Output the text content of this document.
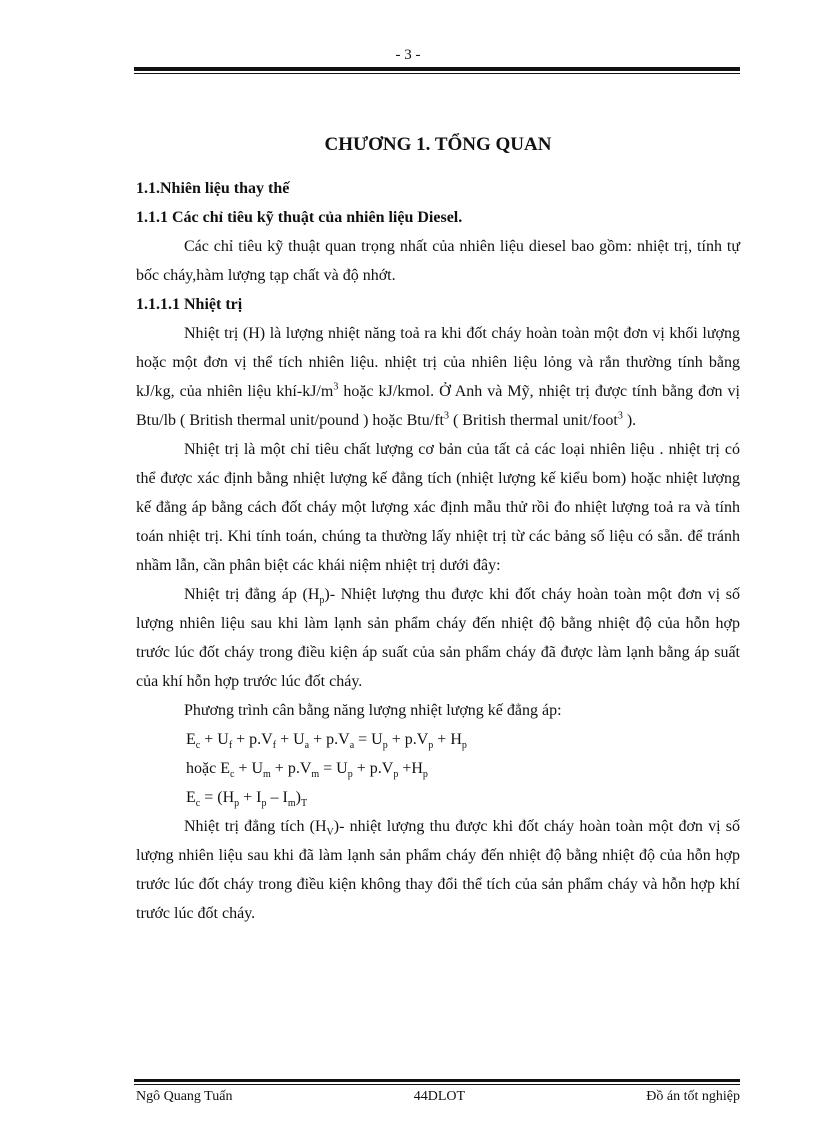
- 3 -
CHƯƠNG 1. TỔNG QUAN
1.1.Nhiên liệu thay thế
1.1.1 Các chỉ tiêu kỹ thuật của nhiên liệu Diesel.

Các chỉ tiêu kỹ thuật quan trọng nhất của nhiên liệu diesel bao gồm: nhiệt trị, tính tự bốc cháy,hàm lượng tạp chất và độ nhớt.

1.1.1.1 Nhiệt trị

Nhiệt trị (H) là lượng nhiệt năng toả ra khi đốt cháy hoàn toàn một đơn vị khối lượng hoặc một đơn vị thể tích nhiên liệu. nhiệt trị của nhiên liệu lỏng và rắn thường tính bằng kJ/kg, của nhiên liệu khí-$kJ/m^3$ hoặc kJ/kmol. Ở Anh và Mỹ, nhiệt trị được tính bằng đơn vị Btu/lb ( British thermal unit/pound ) hoặc Btu/$ft^3$ ( British thermal unit/foot$^3$ ).

Nhiệt trị là một chỉ tiêu chất lượng cơ bản của tất cả các loại nhiên liệu . nhiệt trị có thể được xác định bằng nhiệt lượng kế đẳng tích (nhiệt lượng kế kiểu bom) hoặc nhiệt lượng kế đẳng áp bằng cách đốt cháy một lượng xác định mẫu thử rồi đo nhiệt lượng toả ra và tính toán nhiệt trị. Khi tính toán, chúng ta thường lấy nhiệt trị từ các bảng số liệu có sẵn. để tránh nhầm lẫn, cần phân biệt các khái niệm nhiệt trị dưới đây:

Nhiệt trị đẳng áp $(H_p)-$ Nhiệt lượng thu được khi đốt cháy hoàn toàn một đơn vị số lượng nhiên liệu sau khi làm lạnh sản phẩm cháy đến nhiệt độ bằng nhiệt độ của hỗn hợp trước lúc đốt cháy trong điều kiện áp suất của sản phẩm cháy đã được làm lạnh bằng áp suất của khí hỗn hợp trước lúc đốt cháy.

Phương trình cân bằng năng lượng nhiệt lượng kế đẳng áp:

$E_c + U_f + p.V_f + U_a + p.V_a = U_p + p.V_p + H_p$
hoặc $E_c + U_m + p.V_m = U_p + p.V_p +H_p$
$E_c = (H_p + I_p - I_m)_T$

Nhiệt trị đẳng tích $(H_V)-$ nhiệt lượng thu được khi đốt cháy hoàn toàn một đơn vị số lượng nhiên liệu sau khi đã làm lạnh sản phẩm cháy đến nhiệt độ bằng nhiệt độ của hỗn hợp trước lúc đốt cháy trong điều kiện không thay đổi thể tích của sản phẩm cháy và hỗn hợp khí trước lúc đốt cháy.

Ngô Quang Tuấn	44DLOT	Đồ án tốt nghiệp
